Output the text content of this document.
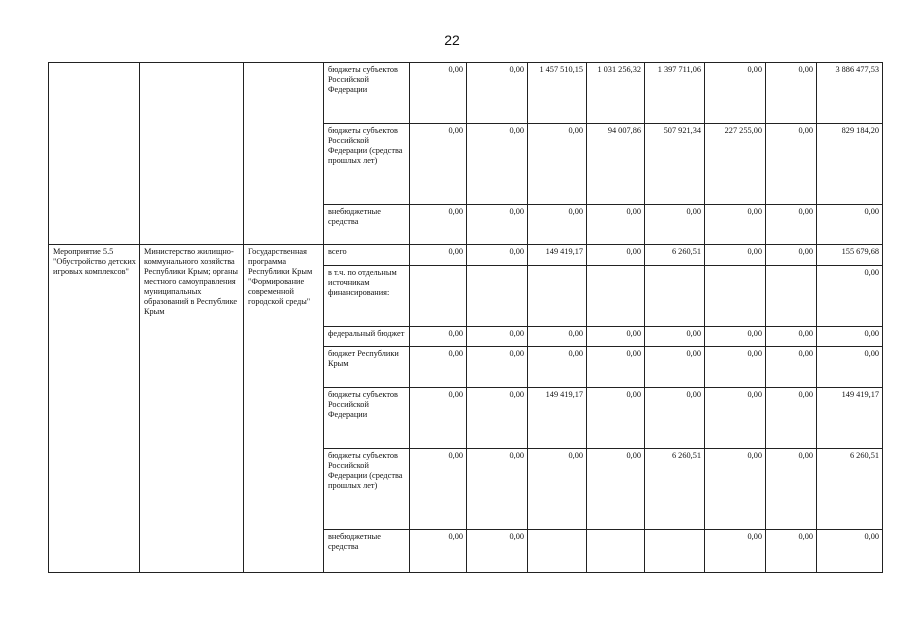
22
			бюджеты субъектов Российской Федерации	0,00	0,00	1 457 510,15	1 031 256,32	1 397 711,06	0,00	0,00	3 886 477,53
			бюджеты субъектов Российской Федерации (средства прошлых лет)	0,00	0,00	0,00	94 007,86	507 921,34	227 255,00	0,00	829 184,20
			внебюджетные средства	0,00	0,00	0,00	0,00	0,00	0,00	0,00	0,00
Мероприятие 5.5 "Обустройство детских игровых комплексов"	Министерство жилищно-коммунального хозяйства Республики Крым; органы местного самоуправления муниципальных образований в Республике Крым	Государственная программа Республики Крым "Формирование современной городской среды"	всего	0,00	0,00	149 419,17	0,00	6 260,51	0,00	0,00	155 679,68
			в т.ч. по отдельным источникам финансирования:								0,00
			федеральный бюджет	0,00	0,00	0,00	0,00	0,00	0,00	0,00	0,00
			бюджет Республики Крым	0,00	0,00	0,00	0,00	0,00	0,00	0,00	0,00
			бюджеты субъектов Российской Федерации	0,00	0,00	149 419,17	0,00	0,00	0,00	0,00	149 419,17
			бюджеты субъектов Российской Федерации (средства прошлых лет)	0,00	0,00	0,00	0,00	6 260,51	0,00	0,00	6 260,51
			внебюджетные средства	0,00	0,00				0,00	0,00	0,00
